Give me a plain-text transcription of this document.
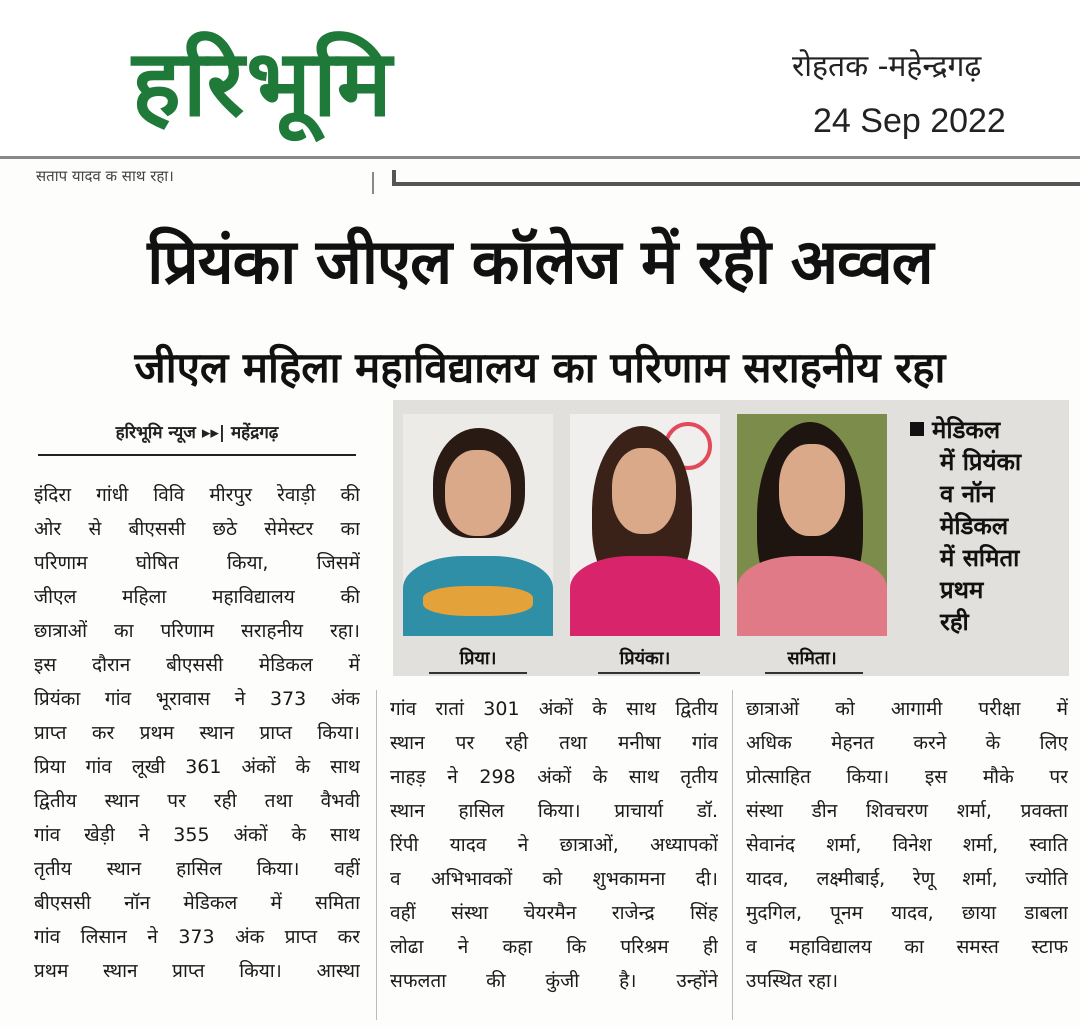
हरिभूमि	रोहतक -महेन्द्रगढ़
24 Sep 2022
सताप यादव क साथ रहा।
प्रियंका जीएल कॉलेज में रही अव्वल
जीएल महिला महाविद्यालय का परिणाम सराहनीय रहा
हरिभूमि न्यूज ▸▸| महेंद्रगढ़
प्रिया।	प्रियंका।	समिता।
मेडिकल
में प्रियंका
व नॉन
मेडिकल
में समिता
प्रथम
रही
इंदिरा गांधी विवि मीरपुर रेवाड़ी की
ओर से बीएससी छठे सेमेस्टर का
परिणाम घोषित किया, जिसमें
जीएल महिला महाविद्यालय की
छात्राओं का परिणाम सराहनीय रहा।
इस दौरान बीएससी मेडिकल में
प्रियंका गांव भूरावास ने 373 अंक
प्राप्त कर प्रथम स्थान प्राप्त किया।
प्रिया गांव लूखी 361 अंकों के साथ
द्वितीय स्थान पर रही तथा वैभवी
गांव खेड़ी ने 355 अंकों के साथ
तृतीय स्थान हासिल किया। वहीं
बीएससी नॉन मेडिकल में समिता
गांव लिसान ने 373 अंक प्राप्त कर
प्रथम स्थान प्राप्त किया। आस्था
गांव रातां 301 अंकों के साथ द्वितीय
स्थान पर रही तथा मनीषा गांव
नाहड़ ने 298 अंकों के साथ तृतीय
स्थान हासिल किया। प्राचार्या डॉ.
रिंपी यादव ने छात्राओं, अध्यापकों
व अभिभावकों को शुभकामना दी।
वहीं संस्था चेयरमैन राजेन्द्र सिंह
लोढा ने कहा कि परिश्रम ही
सफलता की कुंजी है। उन्होंने
छात्राओं को आगामी परीक्षा में
अधिक मेहनत करने के लिए
प्रोत्साहित किया। इस मौके पर
संस्था डीन शिवचरण शर्मा, प्रवक्ता
सेवानंद शर्मा, विनेश शर्मा, स्वाति
यादव, लक्ष्मीबाई, रेणू शर्मा, ज्योति
मुदगिल, पूनम यादव, छाया डाबला
व महाविद्यालय का समस्त स्टाफ
उपस्थित रहा।
